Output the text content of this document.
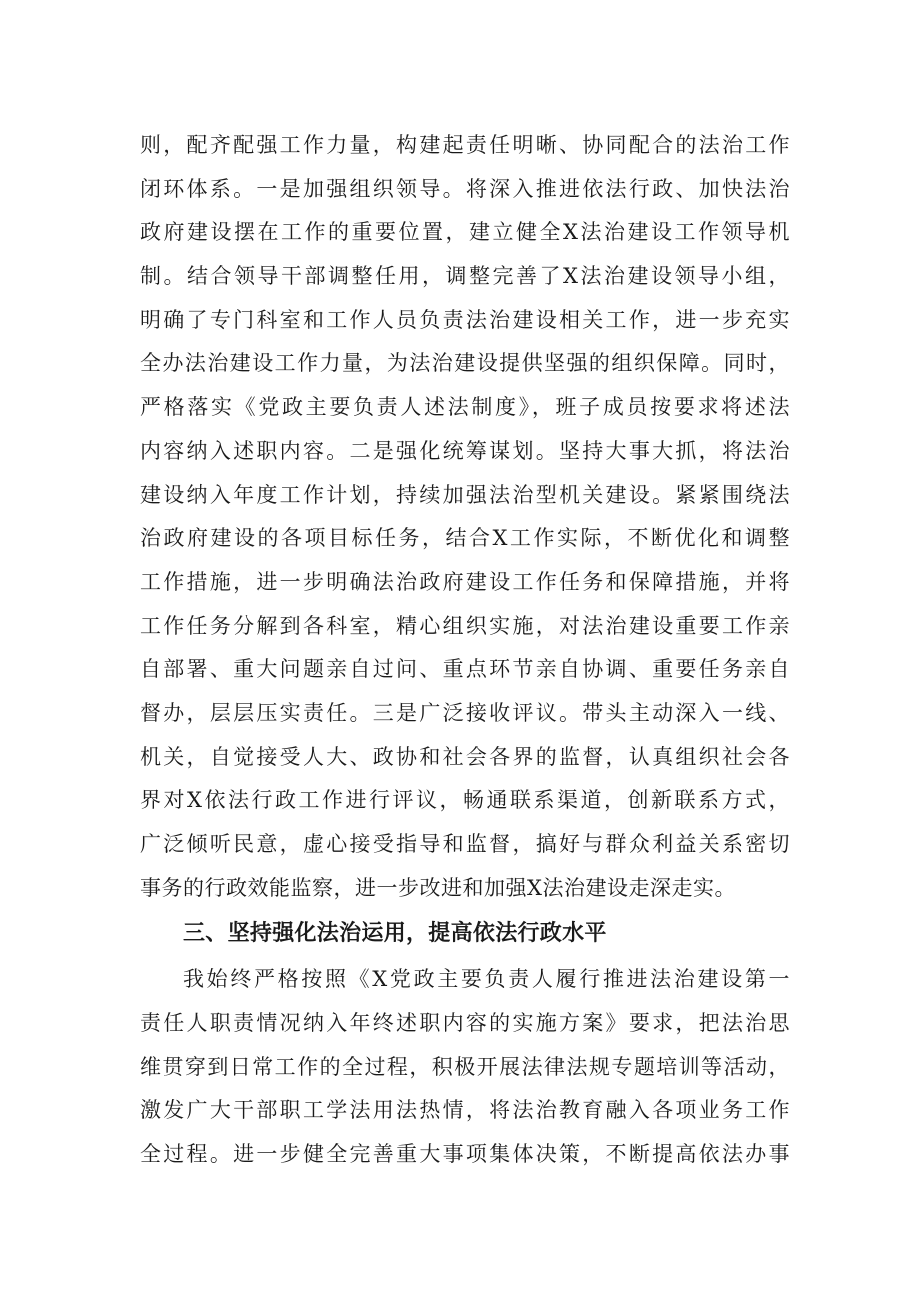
则，配齐配强工作力量，构建起责任明晰、协同配合的法治工作
闭环体系。一是加强组织领导。将深入推进依法行政、加快法治
政府建设摆在工作的重要位置，建立健全X法治建设工作领导机
制。结合领导干部调整任用，调整完善了X法治建设领导小组，
明确了专门科室和工作人员负责法治建设相关工作，进一步充实
全办法治建设工作力量，为法治建设提供坚强的组织保障。同时，
严格落实《党政主要负责人述法制度》，班子成员按要求将述法
内容纳入述职内容。二是强化统筹谋划。坚持大事大抓，将法治
建设纳入年度工作计划，持续加强法治型机关建设。紧紧围绕法
治政府建设的各项目标任务，结合X工作实际，不断优化和调整
工作措施，进一步明确法治政府建设工作任务和保障措施，并将
工作任务分解到各科室，精心组织实施，对法治建设重要工作亲
自部署、重大问题亲自过问、重点环节亲自协调、重要任务亲自
督办，层层压实责任。三是广泛接收评议。带头主动深入一线、
机关，自觉接受人大、政协和社会各界的监督，认真组织社会各
界对X依法行政工作进行评议，畅通联系渠道，创新联系方式，
广泛倾听民意，虚心接受指导和监督，搞好与群众利益关系密切
事务的行政效能监察，进一步改进和加强X法治建设走深走实。
三、坚持强化法治运用，提高依法行政水平
我始终严格按照《X党政主要负责人履行推进法治建设第一
责任人职责情况纳入年终述职内容的实施方案》要求，把法治思
维贯穿到日常工作的全过程，积极开展法律法规专题培训等活动，
激发广大干部职工学法用法热情，将法治教育融入各项业务工作
全过程。进一步健全完善重大事项集体决策，不断提高依法办事
